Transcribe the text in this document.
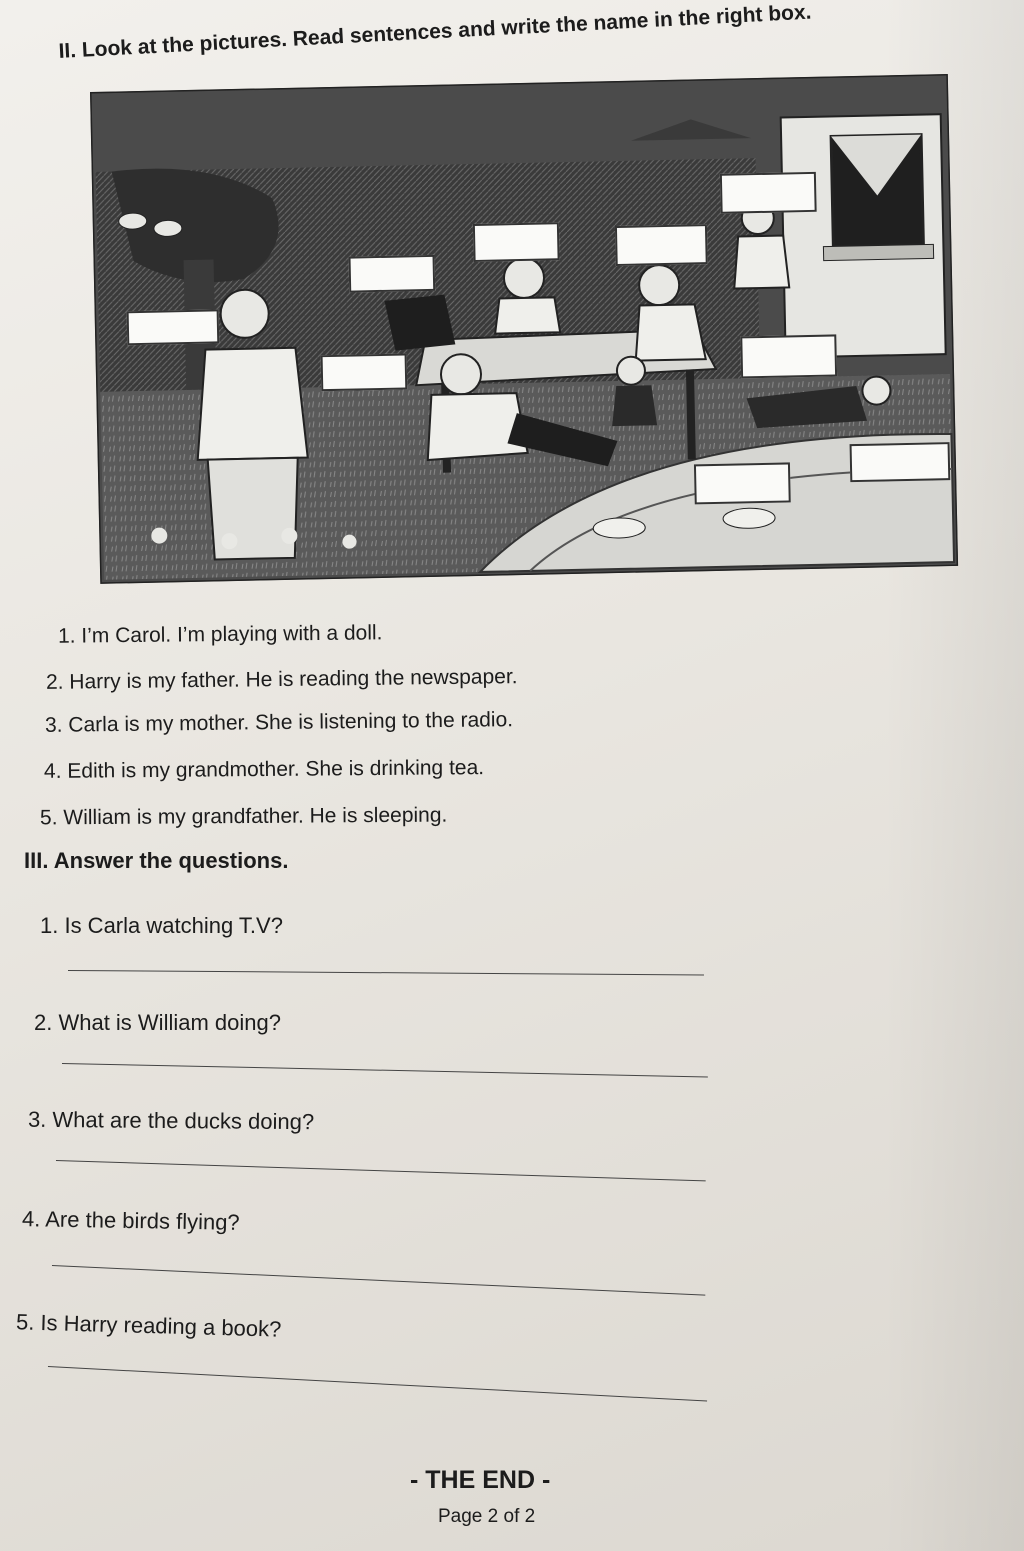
II. Look at the pictures. Read sentences and write the name in the right box.
1. I’m Carol. I’m playing with a doll.
2. Harry is my father. He is reading the newspaper.
3. Carla is my mother. She is listening to the radio.
4. Edith is my grandmother. She is drinking tea.
5. William is my grandfather. He is sleeping.
III. Answer the questions.
1. Is Carla watching T.V?
2. What is William doing?
3. What are the ducks doing?
4. Are the birds flying?
5. Is Harry reading a book?
- THE END -
Page 2 of 2
